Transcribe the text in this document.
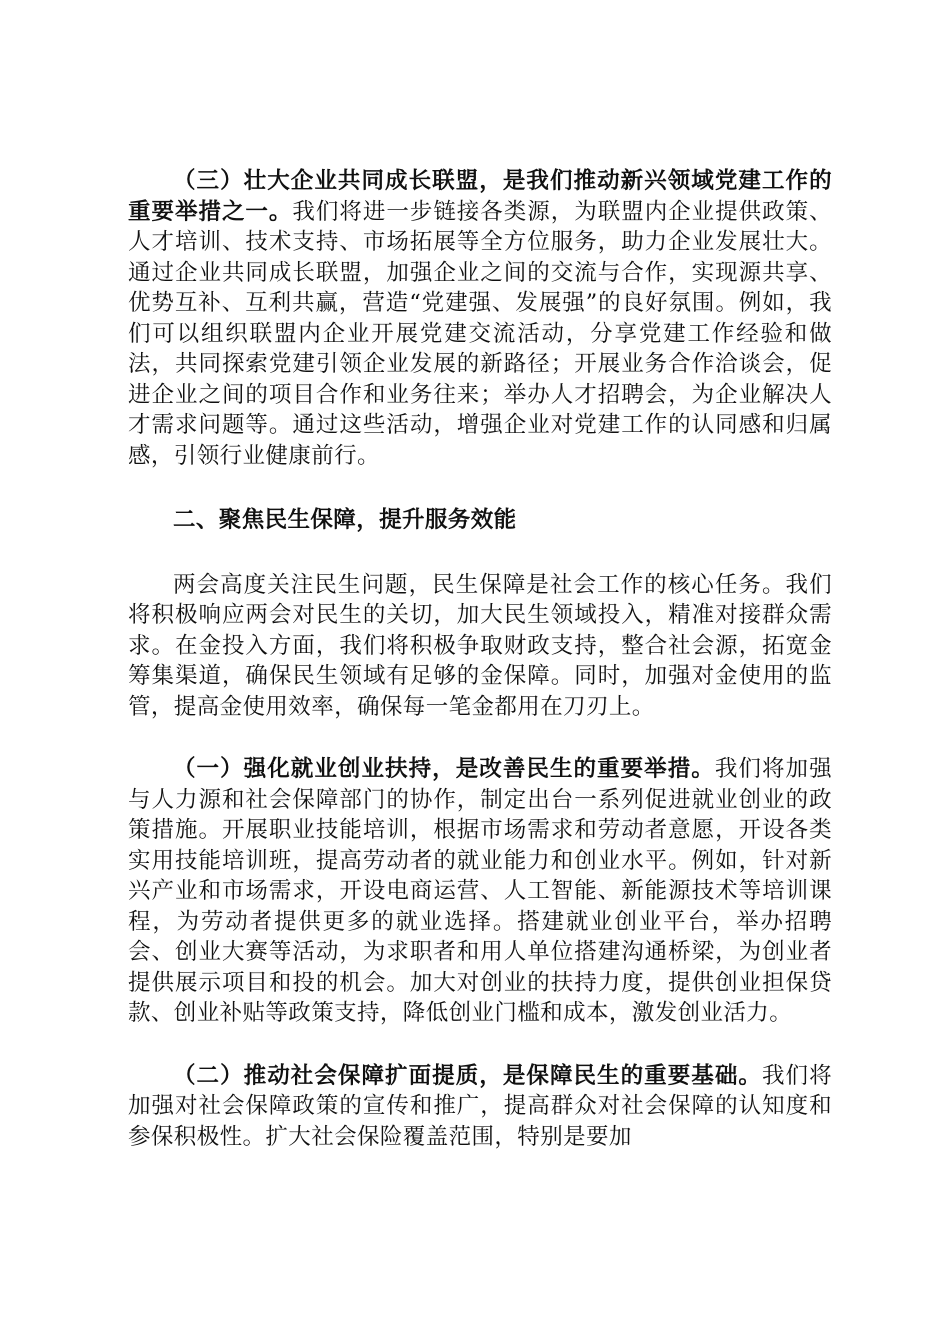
（三）壮大企业共同成长联盟，是我们推动新兴领域党建工作的重要举措之一。我们将进一步链接各类源，为联盟内企业提供政策、人才培训、技术支持、市场拓展等全方位服务，助力企业发展壮大。通过企业共同成长联盟，加强企业之间的交流与合作，实现源共享、优势互补、互利共赢，营造“党建强、发展强”的良好氛围。例如，我们可以组织联盟内企业开展党建交流活动，分享党建工作经验和做法，共同探索党建引领企业发展的新路径；开展业务合作洽谈会，促进企业之间的项目合作和业务往来；举办人才招聘会，为企业解决人才需求问题等。通过这些活动，增强企业对党建工作的认同感和归属感，引领行业健康前行。

二、聚焦民生保障，提升服务效能

两会高度关注民生问题，民生保障是社会工作的核心任务。我们将积极响应两会对民生的关切，加大民生领域投入，精准对接群众需求。在金投入方面，我们将积极争取财政支持，整合社会源，拓宽金筹集渠道，确保民生领域有足够的金保障。同时，加强对金使用的监管，提高金使用效率，确保每一笔金都用在刀刃上。

（一）强化就业创业扶持，是改善民生的重要举措。我们将加强与人力源和社会保障部门的协作，制定出台一系列促进就业创业的政策措施。开展职业技能培训，根据市场需求和劳动者意愿，开设各类实用技能培训班，提高劳动者的就业能力和创业水平。例如，针对新兴产业和市场需求，开设电商运营、人工智能、新能源技术等培训课程，为劳动者提供更多的就业选择。搭建就业创业平台，举办招聘会、创业大赛等活动，为求职者和用人单位搭建沟通桥梁，为创业者提供展示项目和投的机会。加大对创业的扶持力度，提供创业担保贷款、创业补贴等政策支持，降低创业门槛和成本，激发创业活力。

（二）推动社会保障扩面提质，是保障民生的重要基础。我们将加强对社会保障政策的宣传和推广，提高群众对社会保障的认知度和参保积极性。扩大社会保险覆盖范围，特别是要加
